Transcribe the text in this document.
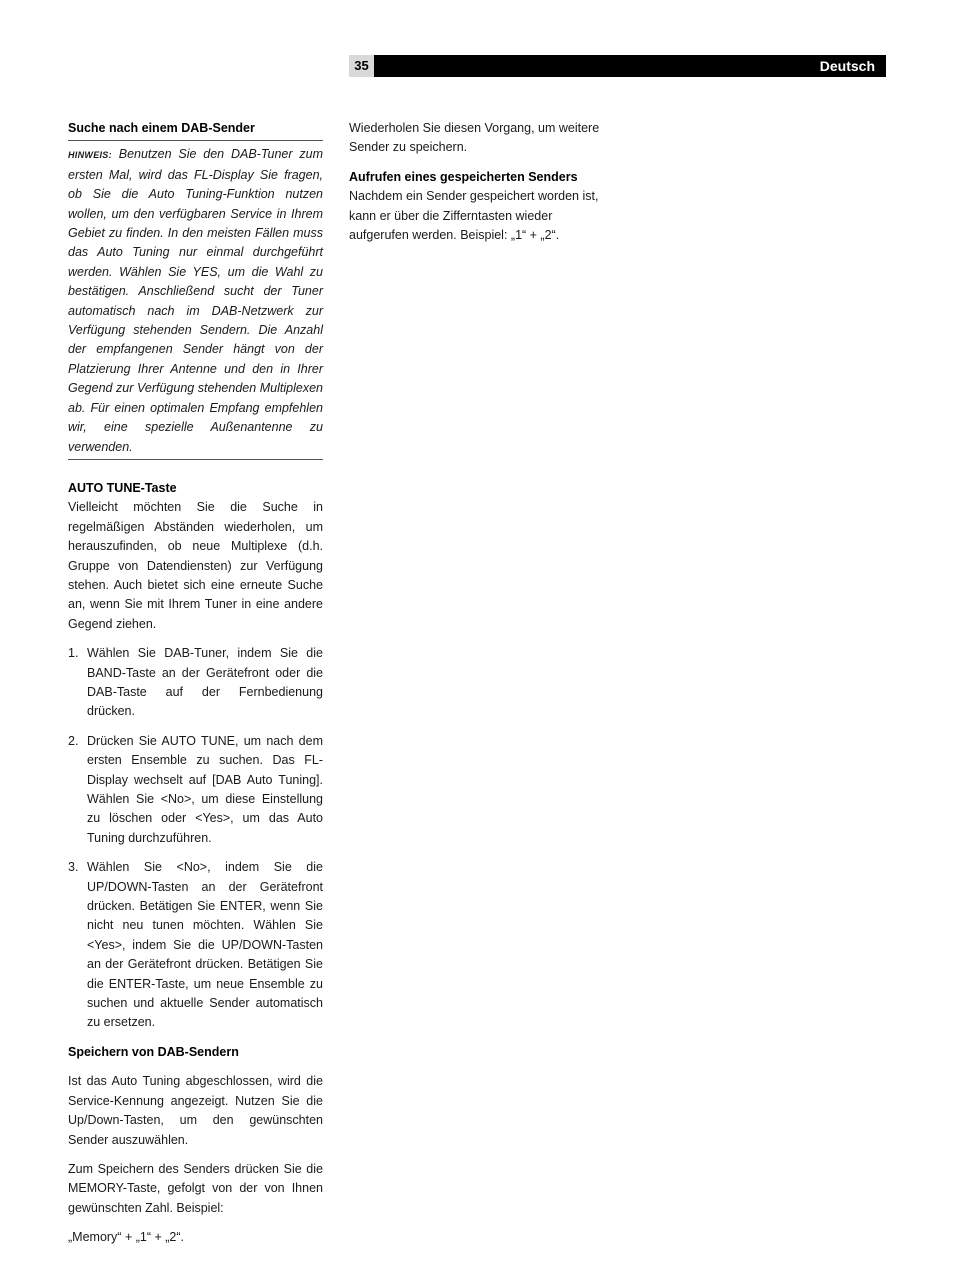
35	Deutsch
Suche nach einem DAB-Sender
HINWEIS: Benutzen Sie den DAB-Tuner zum ersten Mal, wird das FL-Display Sie fragen, ob Sie die Auto Tuning-Funktion nutzen wollen, um den verfügbaren Service in Ihrem Gebiet zu finden. In den meisten Fällen muss das Auto Tuning nur einmal durchgeführt werden. Wählen Sie YES, um die Wahl zu bestätigen. Anschließend sucht der Tuner automatisch nach im DAB-Netzwerk zur Verfügung stehenden Sendern. Die Anzahl der empfangenen Sender hängt von der Platzierung Ihrer Antenne und den in Ihrer Gegend zur Verfügung stehenden Multiplexen ab. Für einen optimalen Empfang empfehlen wir, eine spezielle Außenantenne zu verwenden.
AUTO TUNE-Taste

Vielleicht möchten Sie die Suche in regelmäßigen Abständen wiederholen, um herauszufinden, ob neue Multiplexe (d.h. Gruppe von Datendiensten) zur Verfügung stehen. Auch bietet sich eine erneute Suche an, wenn Sie mit Ihrem Tuner in eine andere Gegend ziehen.

1. Wählen Sie DAB-Tuner, indem Sie die BAND-Taste an der Gerätefront oder die DAB-Taste auf der Fernbedienung drücken.
2. Drücken Sie AUTO TUNE, um nach dem ersten Ensemble zu suchen. Das FL-Display wechselt auf [DAB Auto Tuning]. Wählen Sie <No>, um diese Einstellung zu löschen oder <Yes>, um das Auto Tuning durchzuführen.
3. Wählen Sie <No>, indem Sie die UP/DOWN-Tasten an der Gerätefront drücken. Betätigen Sie ENTER, wenn Sie nicht neu tunen möchten. Wählen Sie <Yes>, indem Sie die UP/DOWN-Tasten an der Gerätefront drücken. Betätigen Sie die ENTER-Taste, um neue Ensemble zu suchen und aktuelle Sender automatisch zu ersetzen.
Speichern von DAB-Sendern

Ist das Auto Tuning abgeschlossen, wird die Service-Kennung angezeigt. Nutzen Sie die Up/Down-Tasten, um den gewünschten Sender auszuwählen.

Zum Speichern des Senders drücken Sie die MEMORY-Taste, gefolgt von der von Ihnen gewünschten Zahl. Beispiel:

„Memory“ + „1“ + „2“.

Wiederholen Sie diesen Vorgang, um weitere Sender zu speichern.

Aufrufen eines gespeicherten Senders

Nachdem ein Sender gespeichert worden ist, kann er über die Zifferntasten wieder aufgerufen werden. Beispiel: „1“ + „2“.
